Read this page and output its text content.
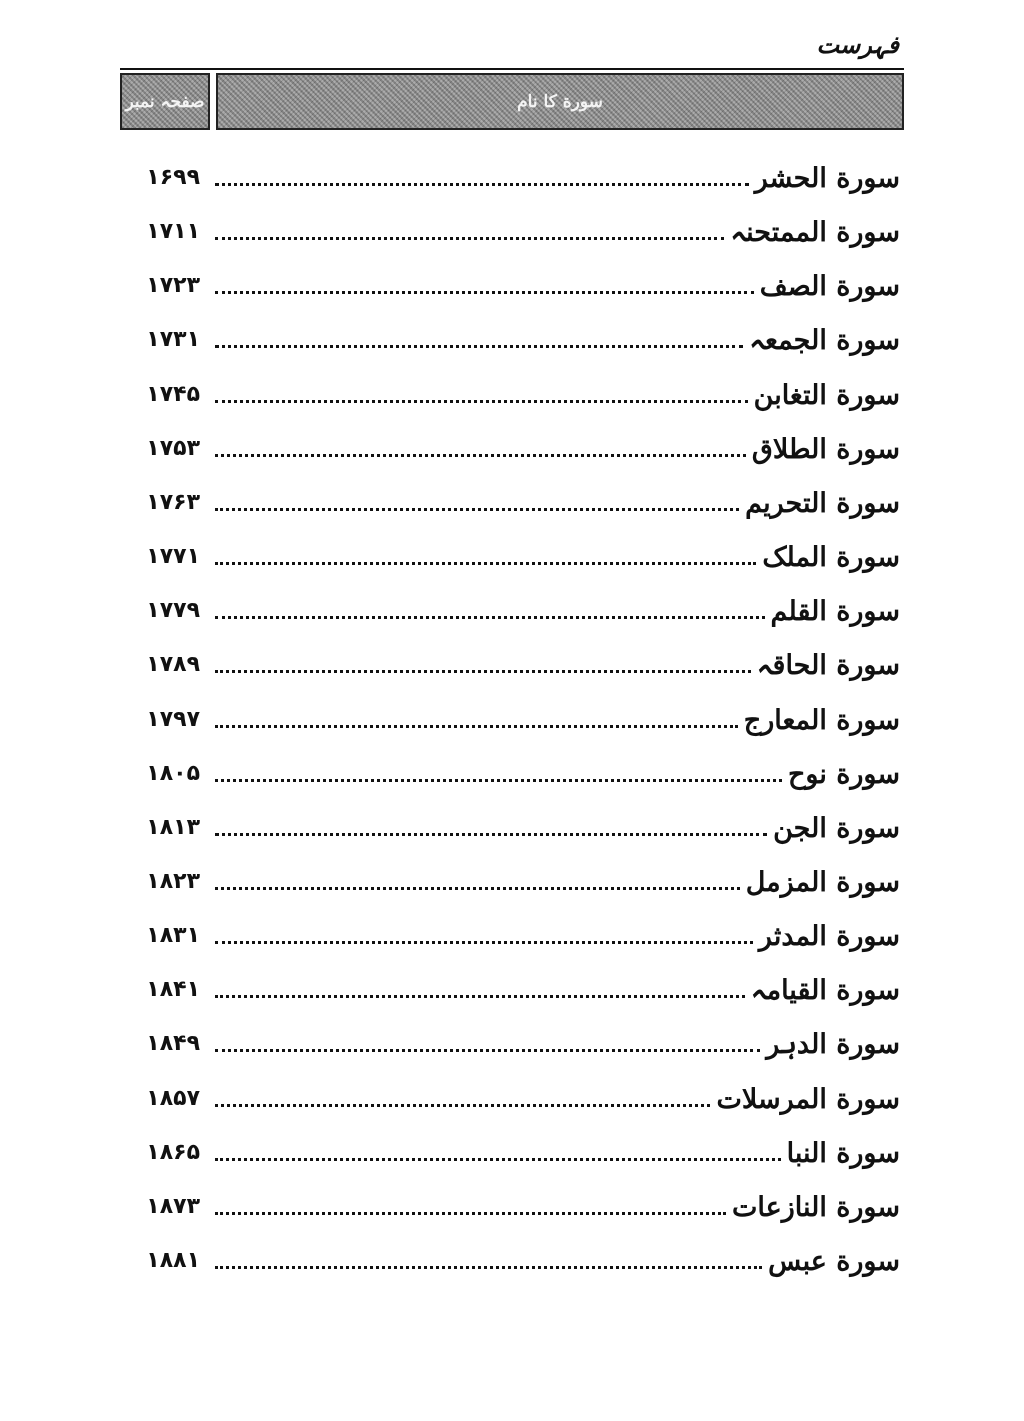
فہرست
صفحہ نمبر	سورة کا نام
۱۶۹۹	سورة الحشر
۱۷۱۱	سورة الممتحنہ
۱۷۲۳	سورة الصف
۱۷۳۱	سورة الجمعہ
۱۷۴۵	سورة التغابن
۱۷۵۳	سورة الطلاق
۱۷۶۳	سورة التحریم
۱۷۷۱	سورة الملک
۱۷۷۹	سورة القلم
۱۷۸۹	سورة الحاقہ
۱۷۹۷	سورة المعارج
۱۸۰۵	سورة نوح
۱۸۱۳	سورة الجن
۱۸۲۳	سورة المزمل
۱۸۳۱	سورة المدثر
۱۸۴۱	سورة القیامہ
۱۸۴۹	سورة الدہر
۱۸۵۷	سورة المرسلات
۱۸۶۵	سورة النبا
۱۸۷۳	سورة النازعات
۱۸۸۱	سورة عبس
